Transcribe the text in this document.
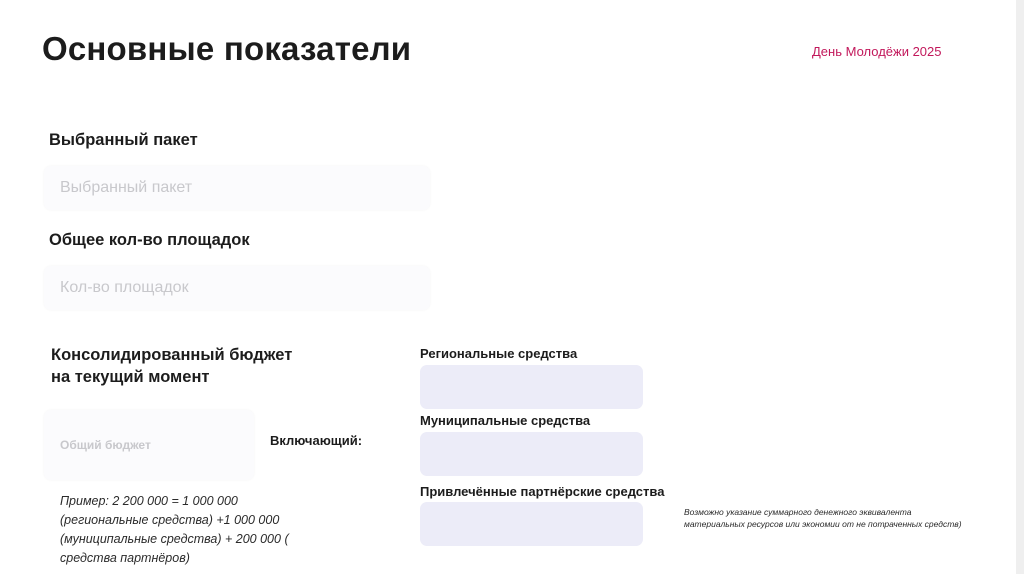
Основные показатели	День Молодёжи 2025
Выбранный пакет
Выбранный пакет
Общее кол-во площадок
Кол-во площадок
Консолидированный бюджет
на текущий момент
Общий бюджет
Включающий:
Пример: 2 200 000 = 1 000 000 (региональные средства) +1 000 000 (муниципальные средства) + 200 000 ( средства партнёров)
Региональные средства
Муниципальные средства
Привлечённые партнёрские средства
Возможно указание суммарного денежного эквивалента материальных ресурсов или экономии от не потраченных средств)
